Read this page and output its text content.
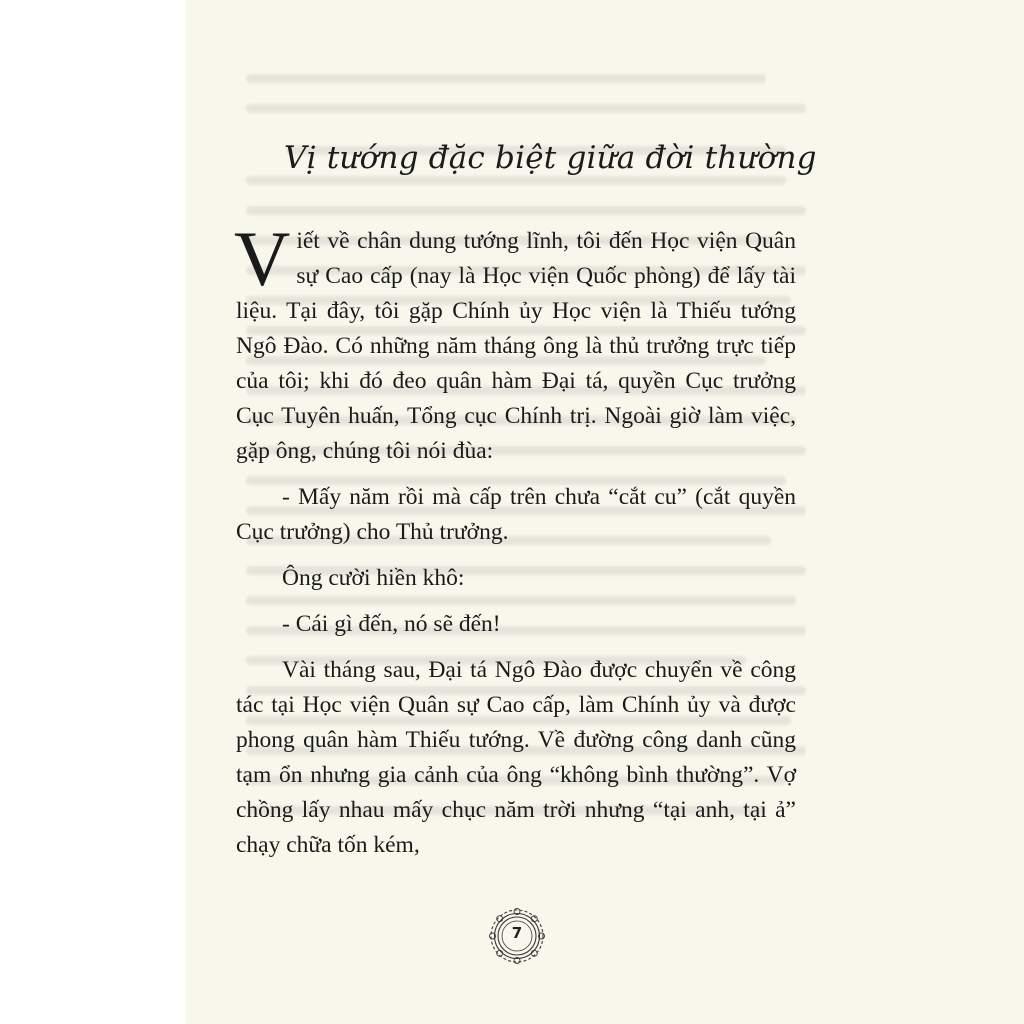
Vị tướng đặc biệt giữa đời thường

Viết về chân dung tướng lĩnh, tôi đến Học viện Quân sự Cao cấp (nay là Học viện Quốc phòng) để lấy tài liệu. Tại đây, tôi gặp Chính ủy Học viện là Thiếu tướng Ngô Đào. Có những năm tháng ông là thủ trưởng trực tiếp của tôi; khi đó đeo quân hàm Đại tá, quyền Cục trưởng Cục Tuyên huấn, Tổng cục Chính trị. Ngoài giờ làm việc, gặp ông, chúng tôi nói đùa:

- Mấy năm rồi mà cấp trên chưa “cắt cu” (cắt quyền Cục trưởng) cho Thủ trưởng.

Ông cười hiền khô:

- Cái gì đến, nó sẽ đến!

Vài tháng sau, Đại tá Ngô Đào được chuyển về công tác tại Học viện Quân sự Cao cấp, làm Chính ủy và được phong quân hàm Thiếu tướng. Về đường công danh cũng tạm ổn nhưng gia cảnh của ông “không bình thường”. Vợ chồng lấy nhau mấy chục năm trời nhưng “tại anh, tại ả” chạy chữa tốn kém,

7
